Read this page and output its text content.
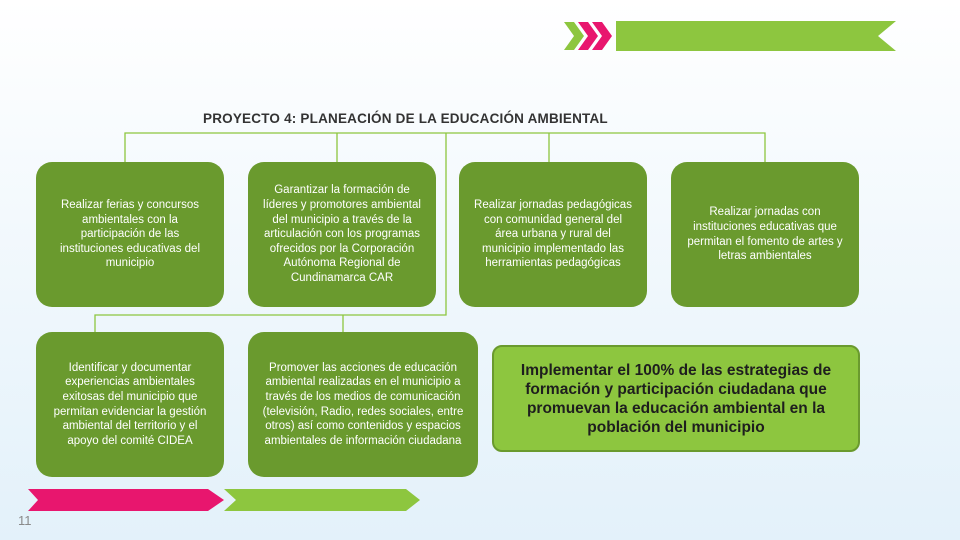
PROYECTO 4: PLANEACIÓN DE LA EDUCACIÓN AMBIENTAL
Realizar ferias y concursos ambientales con la participación de las instituciones educativas del municipio
Garantizar la formación de líderes y promotores ambiental del municipio a través de la articulación con los programas ofrecidos por la Corporación Autónoma Regional de Cundinamarca CAR
Realizar jornadas pedagógicas con comunidad general del área urbana y rural del municipio implementado las herramientas pedagógicas
Realizar jornadas con instituciones educativas que permitan el fomento de artes y letras ambientales
Identificar y documentar experiencias ambientales exitosas del municipio que permitan evidenciar la gestión ambiental del territorio y el apoyo del comité CIDEA
Promover las acciones de educación ambiental realizadas en el municipio a través de los medios de comunicación (televisión, Radio, redes sociales, entre otros) así como contenidos y espacios ambientales de información ciudadana
Implementar el 100% de las estrategias de formación y participación ciudadana que promuevan la educación ambiental en la población del municipio
11
